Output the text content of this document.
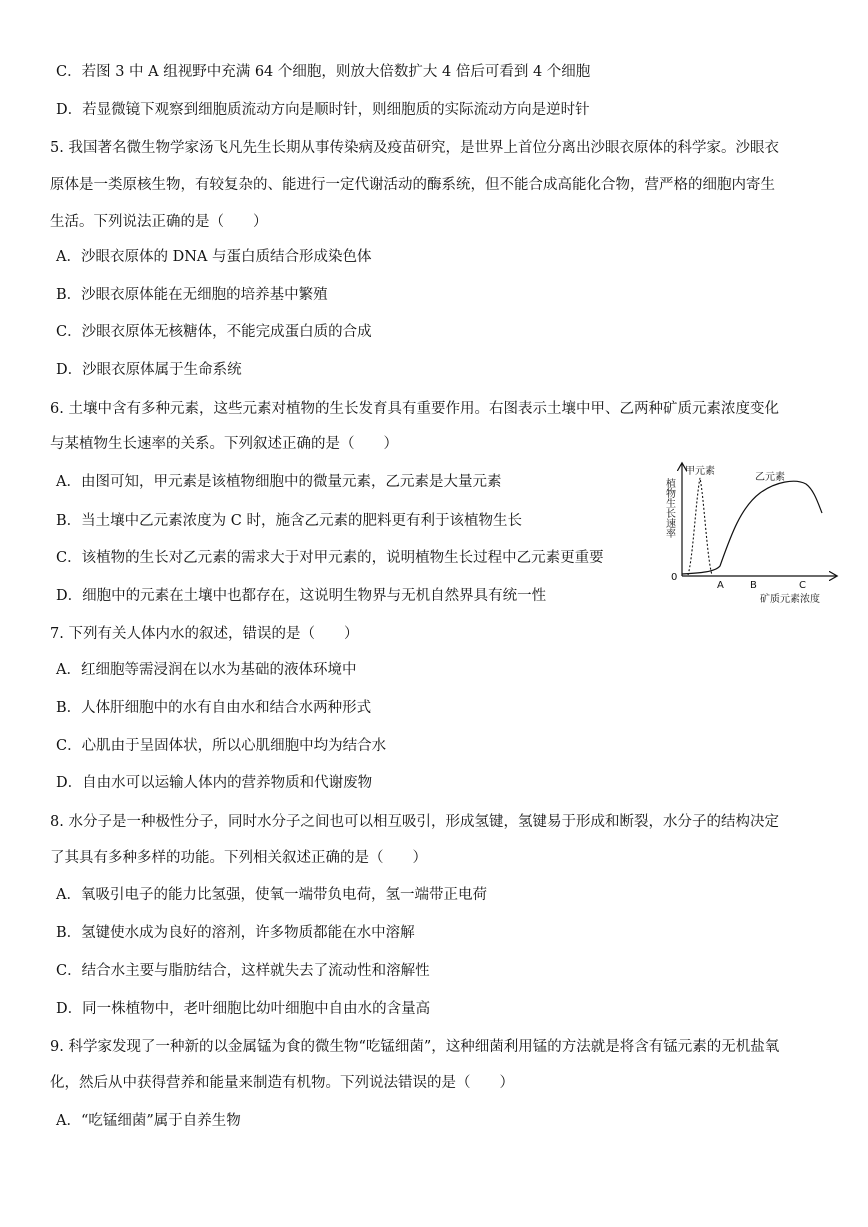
C．若图 3 中 A 组视野中充满 64 个细胞，则放大倍数扩大 4 倍后可看到 4 个细胞
D．若显微镜下观察到细胞质流动方向是顺时针，则细胞质的实际流动方向是逆时针
5. 我国著名微生物学家汤飞凡先生长期从事传染病及疫苗研究，是世界上首位分离出沙眼衣原体的科学家。沙眼衣
原体是一类原核生物，有较复杂的、能进行一定代谢活动的酶系统，但不能合成高能化合物，营严格的细胞内寄生
生活。下列说法正确的是（　　）
A．沙眼衣原体的 DNA 与蛋白质结合形成染色体
B．沙眼衣原体能在无细胞的培养基中繁殖
C．沙眼衣原体无核糖体，不能完成蛋白质的合成
D．沙眼衣原体属于生命系统
6. 土壤中含有多种元素，这些元素对植物的生长发育具有重要作用。右图表示土壤中甲、乙两种矿质元素浓度变化
与某植物生长速率的关系。下列叙述正确的是（　　）
A．由图可知，甲元素是该植物细胞中的微量元素，乙元素是大量元素
B．当土壤中乙元素浓度为 C 时，施含乙元素的肥料更有利于该植物生长
C．该植物的生长对乙元素的需求大于对甲元素的，说明植物生长过程中乙元素更重要
D．细胞中的元素在土壤中也都存在，这说明生物界与无机自然界具有统一性
植物生长速率
0
A	B	C
矿质元素浓度
甲元素
乙元素
7. 下列有关人体内水的叙述，错误的是（　　）
A．红细胞等需浸润在以水为基础的液体环境中
B．人体肝细胞中的水有自由水和结合水两种形式
C．心肌由于呈固体状，所以心肌细胞中均为结合水
D．自由水可以运输人体内的营养物质和代谢废物
8. 水分子是一种极性分子，同时水分子之间也可以相互吸引，形成氢键，氢键易于形成和断裂，水分子的结构决定
了其具有多种多样的功能。下列相关叙述正确的是（　　）
A．氧吸引电子的能力比氢强，使氧一端带负电荷，氢一端带正电荷
B．氢键使水成为良好的溶剂，许多物质都能在水中溶解
C．结合水主要与脂肪结合，这样就失去了流动性和溶解性
D．同一株植物中，老叶细胞比幼叶细胞中自由水的含量高
9. 科学家发现了一种新的以金属锰为食的微生物“吃锰细菌”，这种细菌利用锰的方法就是将含有锰元素的无机盐氧
化，然后从中获得营养和能量来制造有机物。下列说法错误的是（　　）
A．“吃锰细菌”属于自养生物
